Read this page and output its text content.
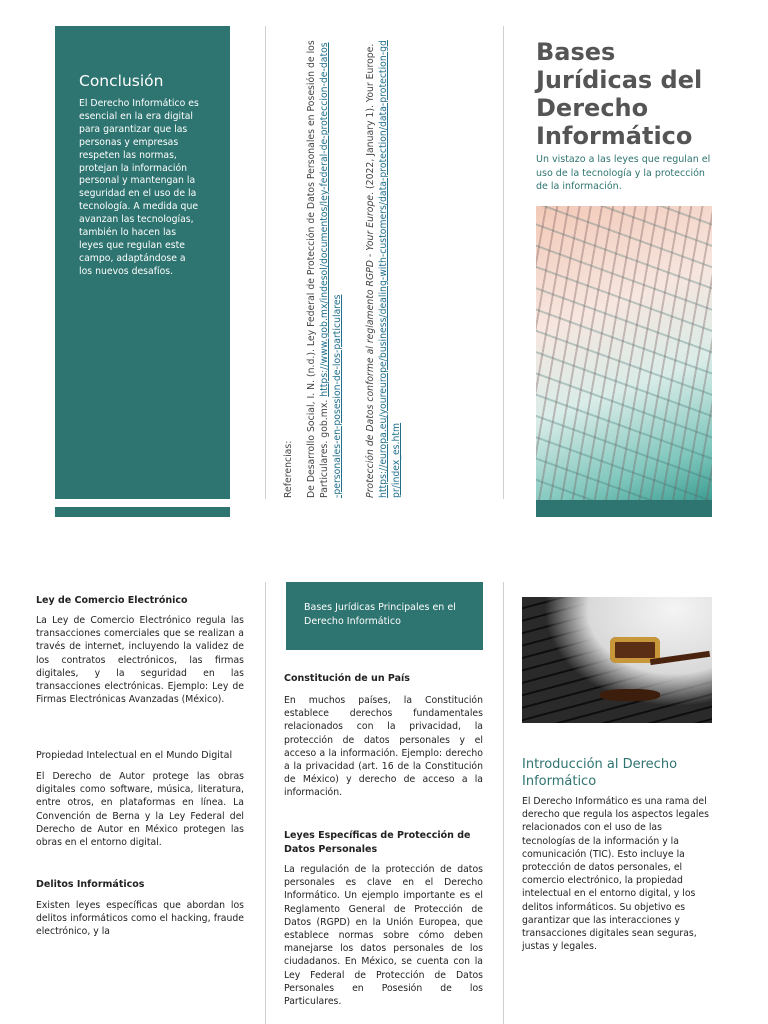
Conclusión

El Derecho Informático es esencial en la era digital para garantizar que las personas y empresas respeten las normas, protejan la información personal y mantengan la seguridad en el uso de la tecnología. A medida que avanzan las tecnologías, también lo hacen las leyes que regulan este campo, adaptándose a los nuevos desafíos.

Referencias: De Desarrollo Social, I. N. (n.d.). Ley Federal de Protección de Datos Personales en Posesión de los Particulares. gob.mx. https://www.gob.mx/indesol/documentos/ley-federal-de-proteccion-de-datos-personales-en-posesion-de-los-particulares Protección de Datos conforme al reglamento RGPD - Your Europe. (2022, January 1). Your Europe. https://europa.eu/youreurope/business/dealing-with-customers/data-protection/data-protection-gdpr/index_es.htm
Bases Jurídicas del Derecho Informático

Un vistazo a las leyes que regulan el uso de la tecnología y la protección de la información.

Ley de Comercio Electrónico

La Ley de Comercio Electrónico regula las transacciones comerciales que se realizan a través de internet, incluyendo la validez de los contratos electrónicos, las firmas digitales, y la seguridad en las transacciones electrónicas. Ejemplo: Ley de Firmas Electrónicas Avanzadas (México).

Propiedad Intelectual en el Mundo Digital

El Derecho de Autor protege las obras digitales como software, música, literatura, entre otros, en plataformas en línea. La Convención de Berna y la Ley Federal del Derecho de Autor en México protegen las obras en el entorno digital.

Delitos Informáticos

Existen leyes específicas que abordan los delitos informáticos como el hacking, fraude electrónico, y la

Bases Jurídicas Principales en el Derecho Informático
Constitución de un País

En muchos países, la Constitución establece derechos fundamentales relacionados con la privacidad, la protección de datos personales y el acceso a la información. Ejemplo: derecho a la privacidad (art. 16 de la Constitución de México) y derecho de acceso a la información.

Leyes Específicas de Protección de Datos Personales

La regulación de la protección de datos personales es clave en el Derecho Informático. Un ejemplo importante es el Reglamento General de Protección de Datos (RGPD) en la Unión Europea, que establece normas sobre cómo deben manejarse los datos personales de los ciudadanos. En México, se cuenta con la Ley Federal de Protección de Datos Personales en Posesión de los Particulares.

Introducción al Derecho Informático

El Derecho Informático es una rama del derecho que regula los aspectos legales relacionados con el uso de las tecnologías de la información y la comunicación (TIC). Esto incluye la protección de datos personales, el comercio electrónico, la propiedad intelectual en el entorno digital, y los delitos informáticos. Su objetivo es garantizar que las interacciones y transacciones digitales sean seguras, justas y legales.
